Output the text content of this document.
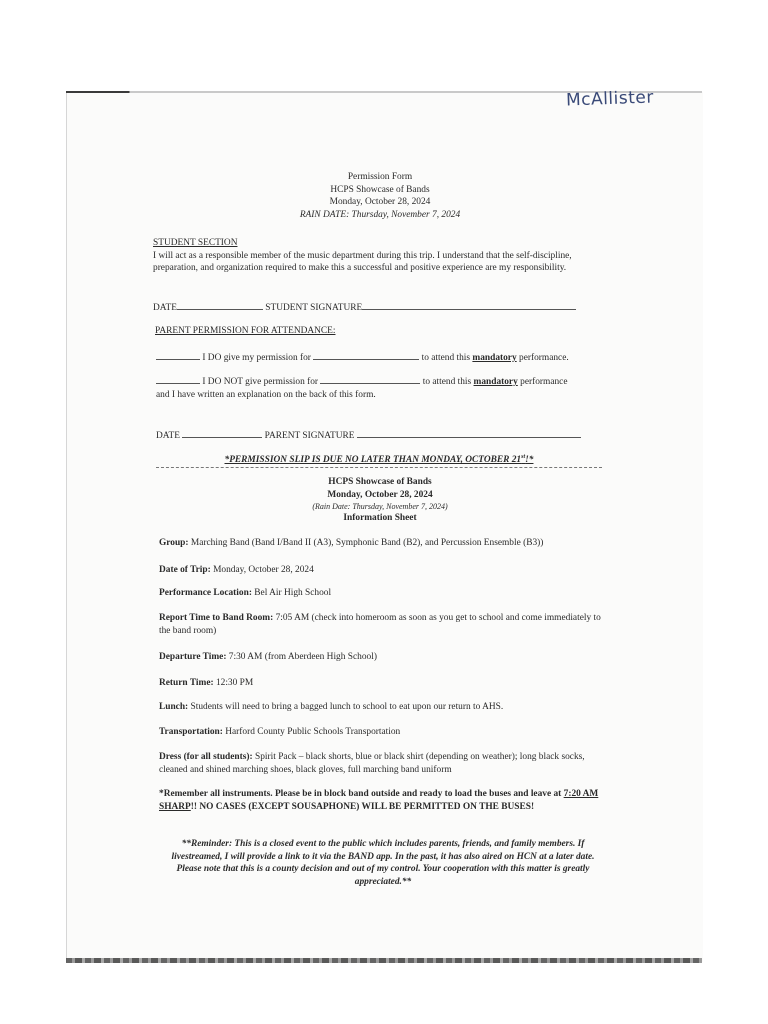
McAllister
Permission Form
HCPS Showcase of Bands
Monday, October 28, 2024
RAIN DATE: Thursday, November 7, 2024
STUDENT SECTION

I will act as a responsible member of the music department during this trip. I understand that the self-discipline, preparation, and organization required to make this a successful and positive experience are my responsibility.

DATE	STUDENT SIGNATURE
PARENT PERMISSION FOR ATTENDANCE:
I DO give my permission for	to attend this mandatory performance.
I DO NOT give permission for	to attend this mandatory performance
and I have written an explanation on the back of this form.
DATE	PARENT SIGNATURE
*PERMISSION SLIP IS DUE NO LATER THAN MONDAY, OCTOBER 21st!*
HCPS Showcase of Bands
Monday, October 28, 2024
(Rain Date: Thursday, November 7, 2024)
Information Sheet
Group: Marching Band (Band I/Band II (A3), Symphonic Band (B2), and Percussion Ensemble (B3))
Date of Trip: Monday, October 28, 2024
Performance Location: Bel Air High School
Report Time to Band Room: 7:05 AM (check into homeroom as soon as you get to school and come immediately to the band room)
Departure Time: 7:30 AM (from Aberdeen High School)
Return Time: 12:30 PM
Lunch: Students will need to bring a bagged lunch to school to eat upon our return to AHS.
Transportation: Harford County Public Schools Transportation
Dress (for all students): Spirit Pack – black shorts, blue or black shirt (depending on weather); long black socks, cleaned and shined marching shoes, black gloves, full marching band uniform
*Remember all instruments. Please be in block band outside and ready to load the buses and leave at 7:20 AM SHARP!! NO CASES (EXCEPT SOUSAPHONE) WILL BE PERMITTED ON THE BUSES!
**Reminder: This is a closed event to the public which includes parents, friends, and family members. If livestreamed, I will provide a link to it via the BAND app. In the past, it has also aired on HCN at a later date. Please note that this is a county decision and out of my control. Your cooperation with this matter is greatly appreciated.**
